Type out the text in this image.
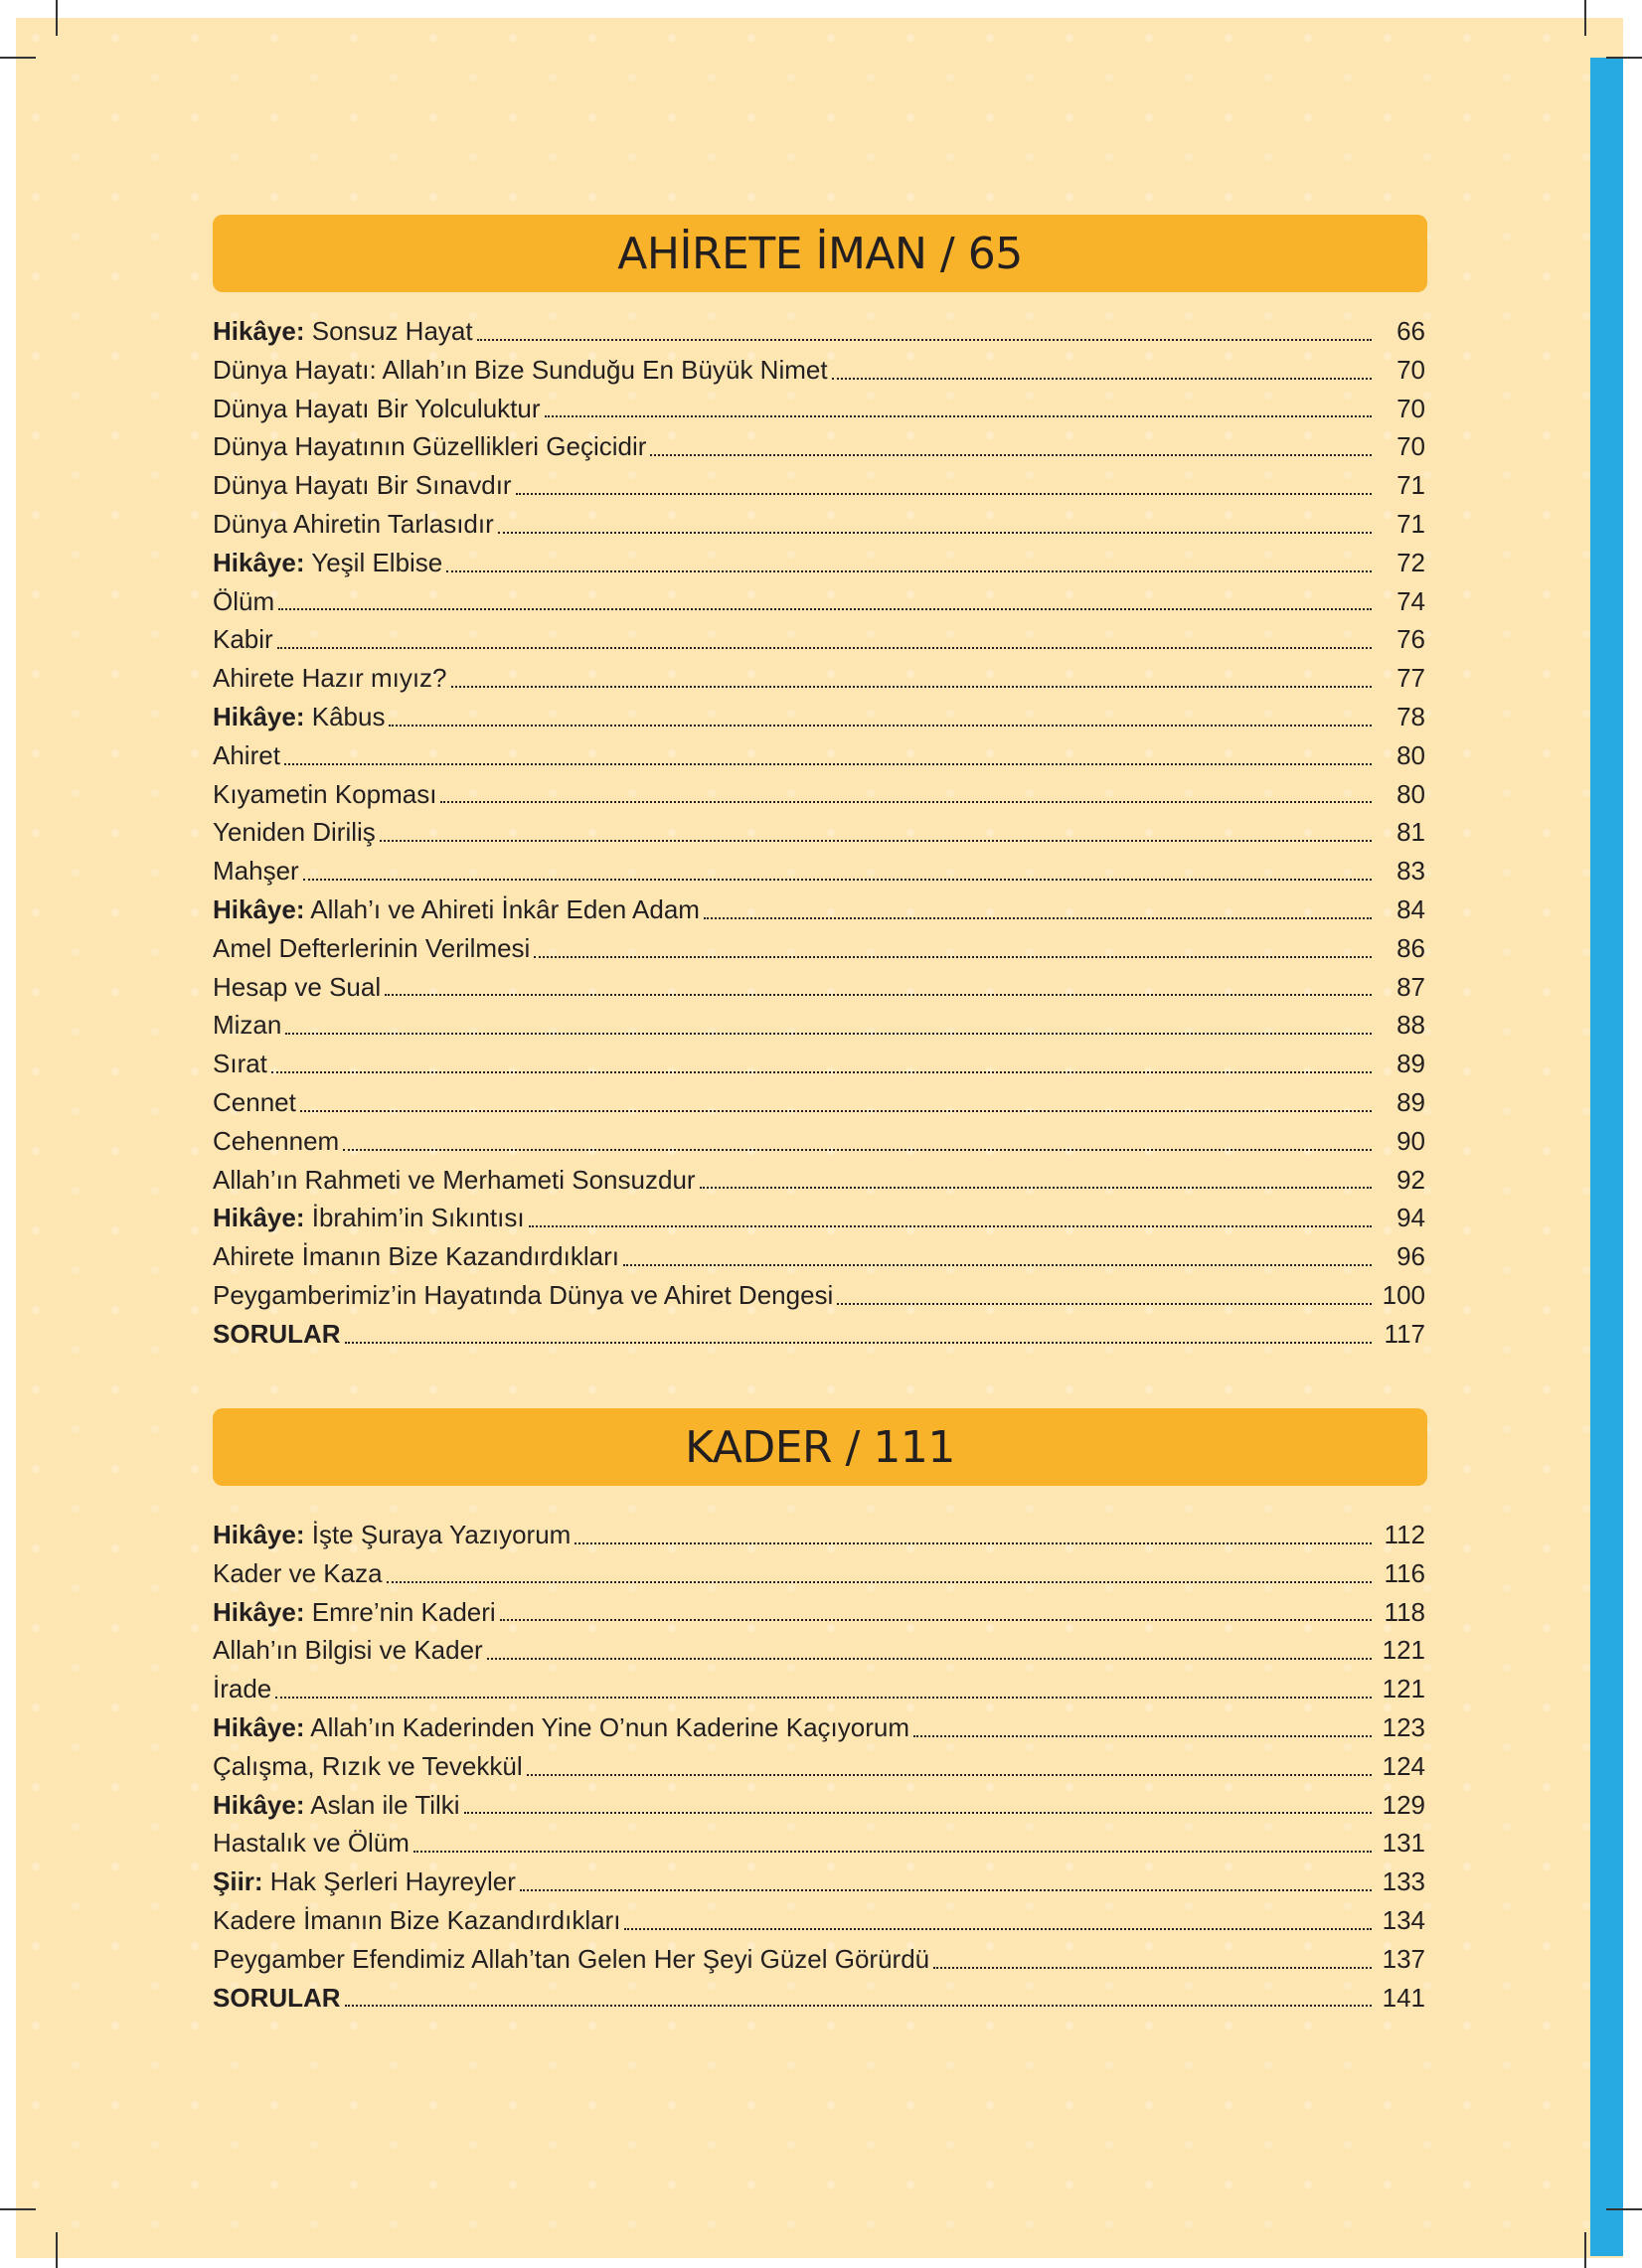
AHİRETE İMAN / 65
Hikâye: Sonsuz Hayat	66
Dünya Hayatı: Allah’ın Bize Sunduğu En Büyük Nimet	70
Dünya Hayatı Bir Yolculuktur	70
Dünya Hayatının Güzellikleri Geçicidir	70
Dünya Hayatı Bir Sınavdır	71
Dünya Ahiretin Tarlasıdır	71
Hikâye: Yeşil Elbise	72
Ölüm	74
Kabir	76
Ahirete Hazır mıyız?	77
Hikâye: Kâbus	78
Ahiret	80
Kıyametin Kopması	80
Yeniden Diriliş	81
Mahşer	83
Hikâye: Allah’ı ve Ahireti İnkâr Eden Adam	84
Amel Defterlerinin Verilmesi	86
Hesap ve Sual	87
Mizan	88
Sırat	89
Cennet	89
Cehennem	90
Allah’ın Rahmeti ve Merhameti Sonsuzdur	92
Hikâye: İbrahim’in Sıkıntısı	94
Ahirete İmanın Bize Kazandırdıkları	96
Peygamberimiz’in Hayatında Dünya ve Ahiret Dengesi	100
SORULAR	117
KADER / 111
Hikâye: İşte Şuraya Yazıyorum	112
Kader ve Kaza	116
Hikâye: Emre’nin Kaderi	118
Allah’ın Bilgisi ve Kader	121
İrade	121
Hikâye: Allah’ın Kaderinden Yine O’nun Kaderine Kaçıyorum	123
Çalışma, Rızık ve Tevekkül	124
Hikâye: Aslan ile Tilki	129
Hastalık ve Ölüm	131
Şiir: Hak Şerleri Hayreyler	133
Kadere İmanın Bize Kazandırdıkları	134
Peygamber Efendimiz Allah’tan Gelen Her Şeyi Güzel Görürdü	137
SORULAR	141
